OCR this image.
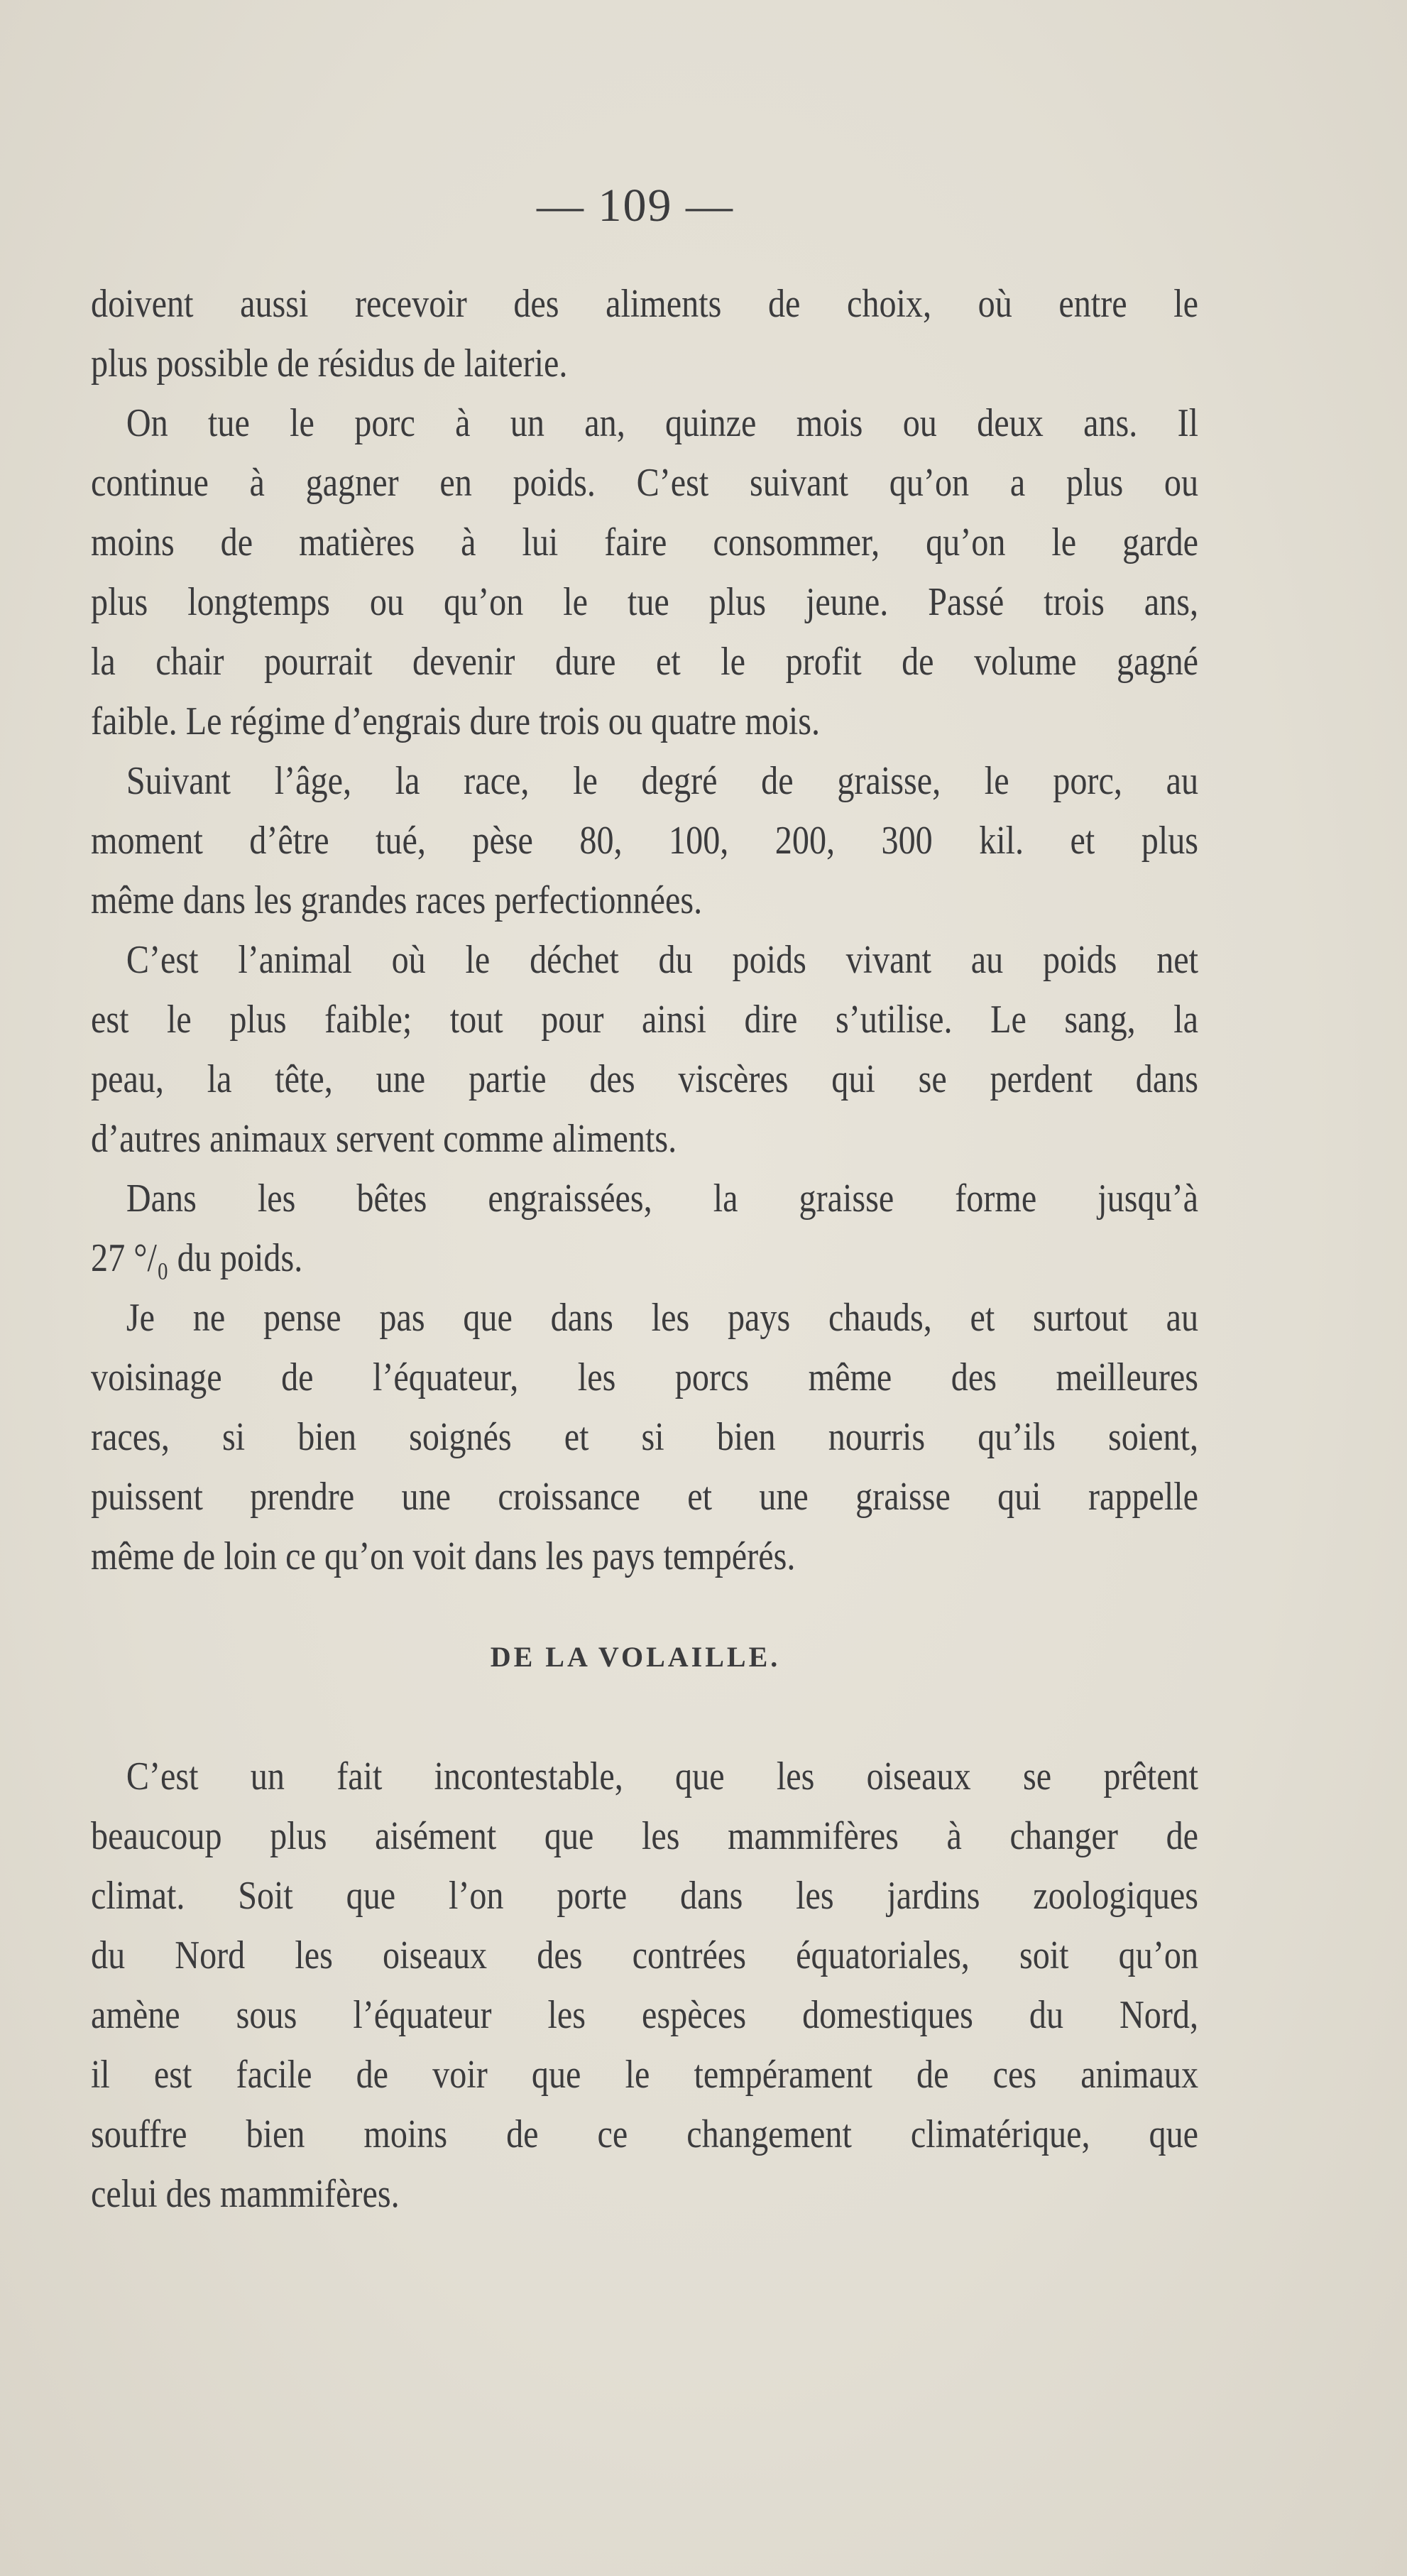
— 109 —
doivent aussi recevoir des aliments de choix, où entre le
plus possible de résidus de laiterie.
On tue le porc à un an, quinze mois ou deux ans. Il
continue à gagner en poids. C’est suivant qu’on a plus ou
moins de matières à lui faire consommer, qu’on le garde
plus longtemps ou qu’on le tue plus jeune. Passé trois ans,
la chair pourrait devenir dure et le profit de volume gagné
faible. Le régime d’engrais dure trois ou quatre mois.
Suivant l’âge, la race, le degré de graisse, le porc, au
moment d’être tué, pèse 80, 100, 200, 300 kil. et plus
même dans les grandes races perfectionnées.
C’est l’animal où le déchet du poids vivant au poids net
est le plus faible; tout pour ainsi dire s’utilise. Le sang, la
peau, la tête, une partie des viscères qui se perdent dans
d’autres animaux servent comme aliments.
Dans les bêtes engraissées, la graisse forme jusqu’à
27 °/₀ du poids.
Je ne pense pas que dans les pays chauds, et surtout au
voisinage de l’équateur, les porcs même des meilleures
races, si bien soignés et si bien nourris qu’ils soient,
puissent prendre une croissance et une graisse qui rappelle
même de loin ce qu’on voit dans les pays tempérés.
DE LA VOLAILLE.
C’est un fait incontestable, que les oiseaux se prêtent
beaucoup plus aisément que les mammifères à changer de
climat. Soit que l’on porte dans les jardins zoologiques
du Nord les oiseaux des contrées équatoriales, soit qu’on
amène sous l’équateur les espèces domestiques du Nord,
il est facile de voir que le tempérament de ces animaux
souffre bien moins de ce changement climatérique, que
celui des mammifères.
